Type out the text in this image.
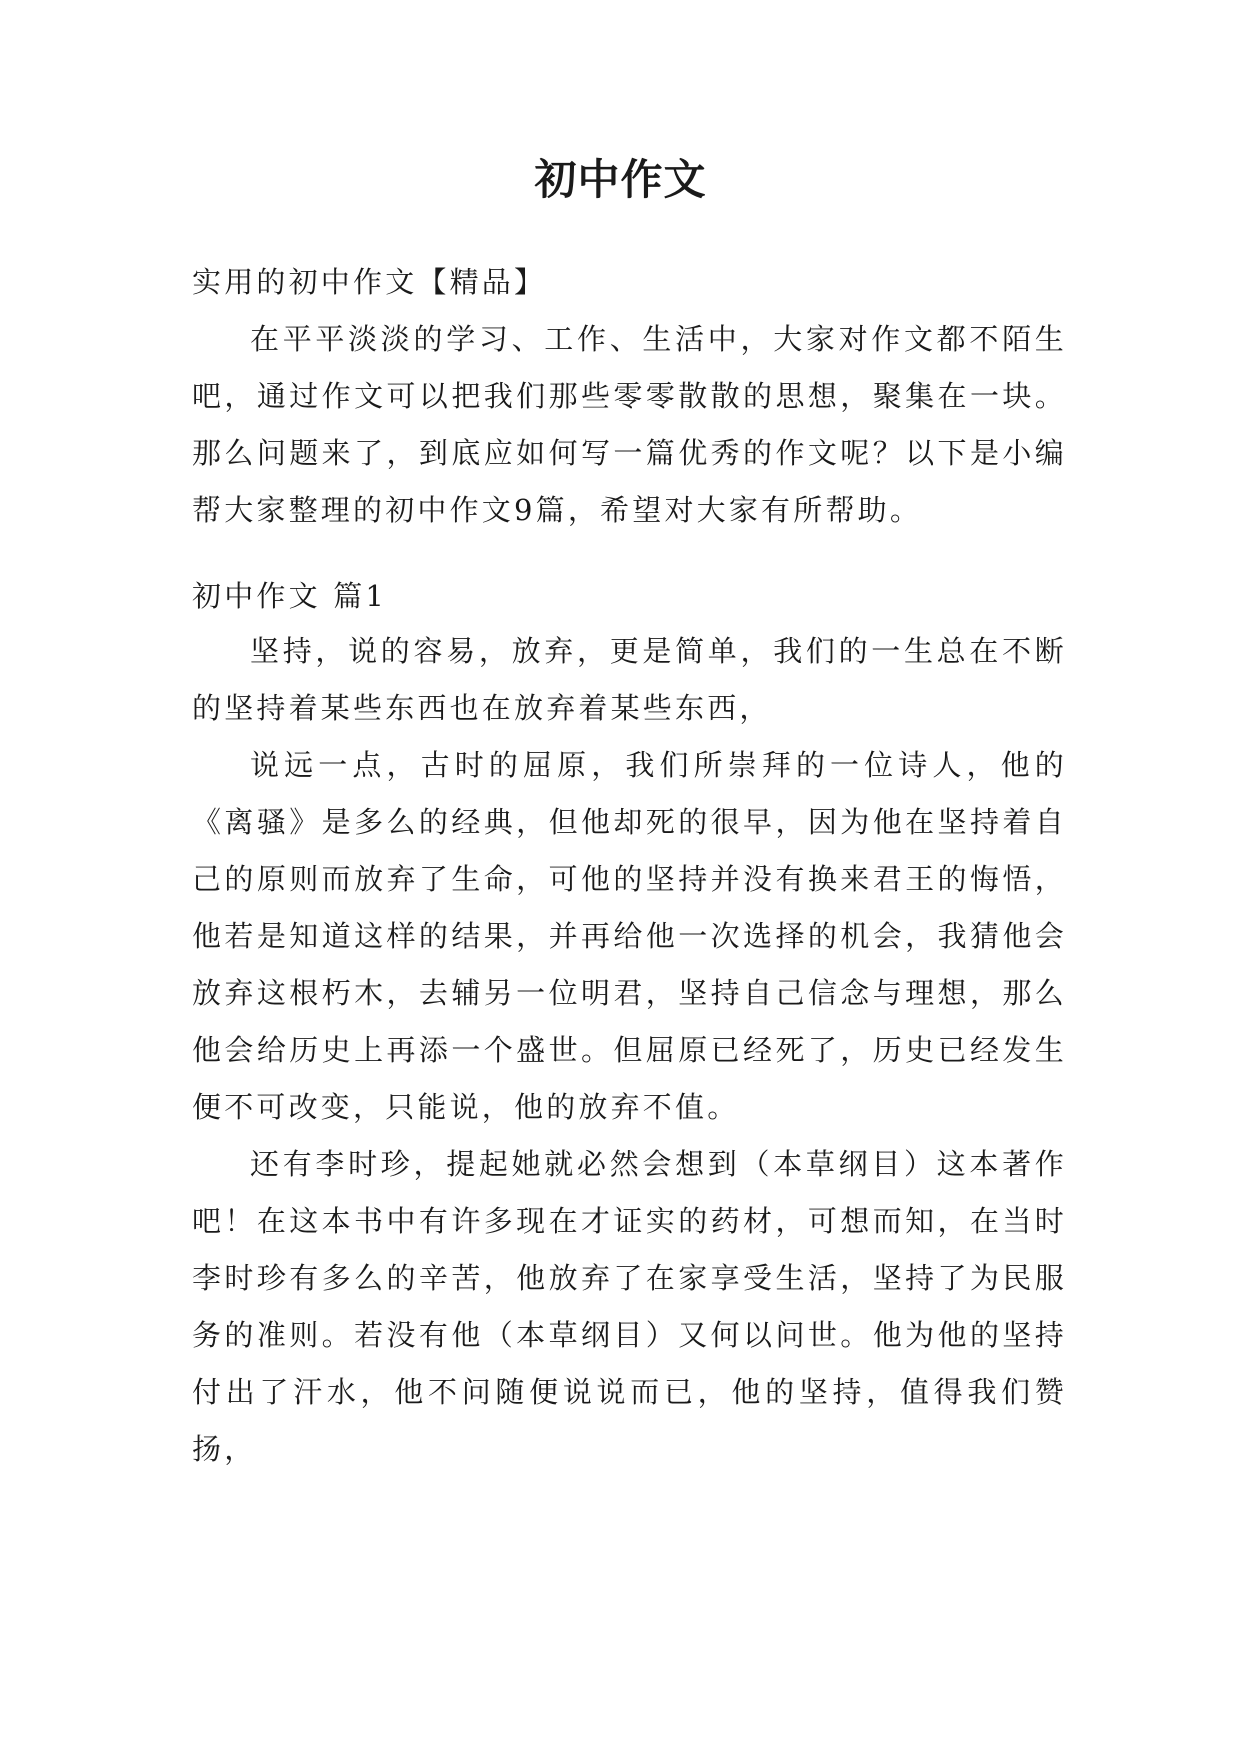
初中作文
实用的初中作文【精品】

在平平淡淡的学习、工作、生活中，大家对作文都不陌生吧，通过作文可以把我们那些零零散散的思想，聚集在一块。那么问题来了，到底应如何写一篇优秀的作文呢？以下是小编帮大家整理的初中作文9篇，希望对大家有所帮助。

初中作文 篇1

坚持，说的容易，放弃，更是简单，我们的一生总在不断的坚持着某些东西也在放弃着某些东西，

说远一点，古时的屈原，我们所崇拜的一位诗人，他的《离骚》是多么的经典，但他却死的很早，因为他在坚持着自己的原则而放弃了生命，可他的坚持并没有换来君王的悔悟，他若是知道这样的结果，并再给他一次选择的机会，我猜他会放弃这根朽木，去辅另一位明君，坚持自己信念与理想，那么他会给历史上再添一个盛世。但屈原已经死了，历史已经发生便不可改变，只能说，他的放弃不值。

还有李时珍，提起她就必然会想到（本草纲目）这本著作吧！在这本书中有许多现在才证实的药材，可想而知，在当时李时珍有多么的辛苦，他放弃了在家享受生活，坚持了为民服务的准则。若没有他（本草纲目）又何以问世。他为他的坚持付出了汗水，他不问随便说说而已，他的坚持，值得我们赞扬，
